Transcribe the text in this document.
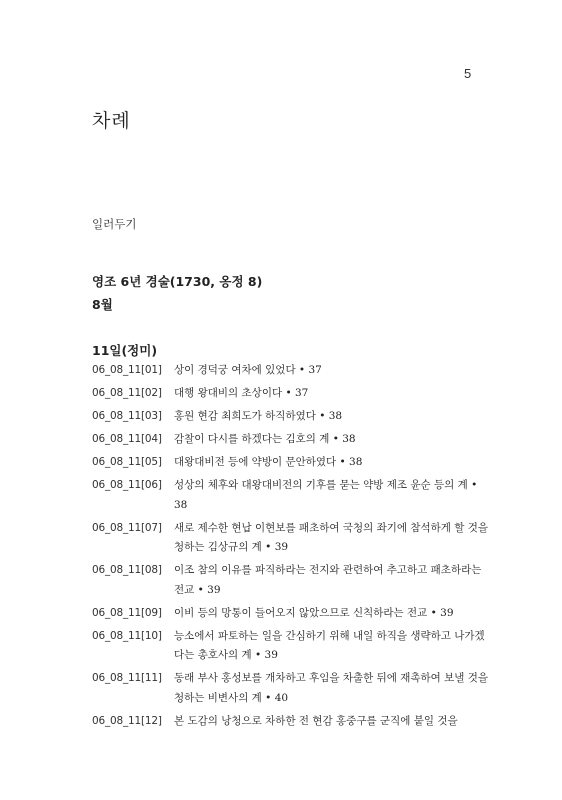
5
차례
일러두기
영조 6년 경술(1730, 옹정 8)
8월
11일(정미)
06_08_11[01]	상이 경덕궁 여차에 있었다 • 37
06_08_11[02]	대행 왕대비의 초상이다 • 37
06_08_11[03]	홍원 현감 최희도가 하직하였다 • 38
06_08_11[04]	감찰이 다시를 하겠다는 김호의 계 • 38
06_08_11[05]	대왕대비전 등에 약방이 문안하였다 • 38
06_08_11[06]	성상의 체후와 대왕대비전의 기후를 묻는 약방 제조 윤순 등의 계 • 38
06_08_11[07]	새로 제수한 현납 이현보를 패초하여 국청의 좌기에 참석하게 할 것을 청하는 김상규의 계 • 39
06_08_11[08]	이조 참의 이유를 파직하라는 전지와 관련하여 추고하고 패초하라는 전교 • 39
06_08_11[09]	이비 등의 망통이 들어오지 않았으므로 신칙하라는 전교 • 39
06_08_11[10]	능소에서 파토하는 일을 간심하기 위해 내일 하직을 생략하고 나가겠다는 총호사의 계 • 39
06_08_11[11]	동래 부사 홍성보를 개차하고 후임을 차출한 뒤에 재촉하여 보낼 것을 청하는 비변사의 계 • 40
06_08_11[12]	본 도감의 낭청으로 차하한 전 현감 홍중구를 군직에 붙일 것을
